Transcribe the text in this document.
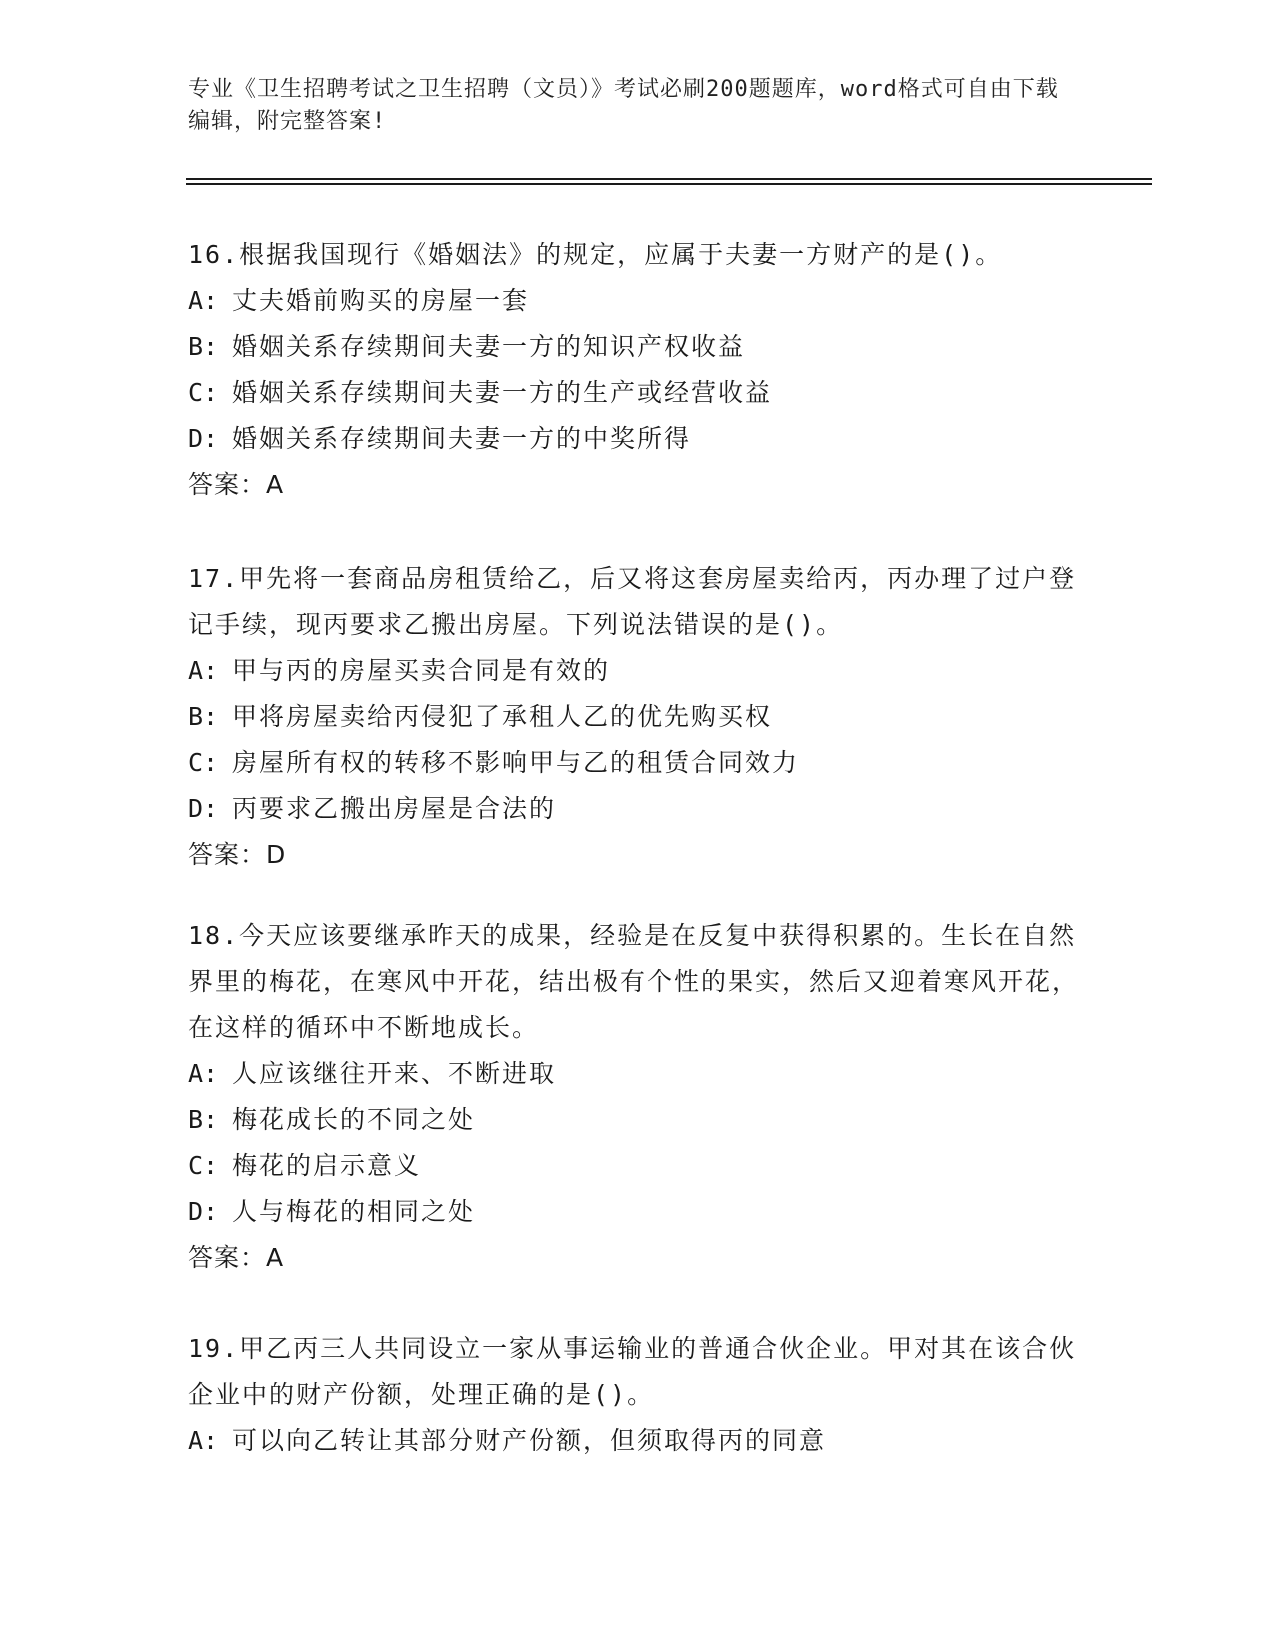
专业《卫生招聘考试之卫生招聘（文员）》考试必刷200题题库，word格式可自由下载编辑，附完整答案!

16.根据我国现行《婚姻法》的规定，应属于夫妻一方财产的是()。

A: 丈夫婚前购买的房屋一套

B: 婚姻关系存续期间夫妻一方的知识产权收益

C: 婚姻关系存续期间夫妻一方的生产或经营收益

D: 婚姻关系存续期间夫妻一方的中奖所得

答案：A

17.甲先将一套商品房租赁给乙，后又将这套房屋卖给丙，丙办理了过户登记手续，现丙要求乙搬出房屋。下列说法错误的是()。

A: 甲与丙的房屋买卖合同是有效的

B: 甲将房屋卖给丙侵犯了承租人乙的优先购买权

C: 房屋所有权的转移不影响甲与乙的租赁合同效力

D: 丙要求乙搬出房屋是合法的

答案：D

18.今天应该要继承昨天的成果，经验是在反复中获得积累的。生长在自然界里的梅花，在寒风中开花，结出极有个性的果实，然后又迎着寒风开花，在这样的循环中不断地成长。

A: 人应该继往开来、不断进取

B: 梅花成长的不同之处

C: 梅花的启示意义

D: 人与梅花的相同之处

答案：A

19.甲乙丙三人共同设立一家从事运输业的普通合伙企业。甲对其在该合伙企业中的财产份额，处理正确的是()。

A: 可以向乙转让其部分财产份额，但须取得丙的同意
